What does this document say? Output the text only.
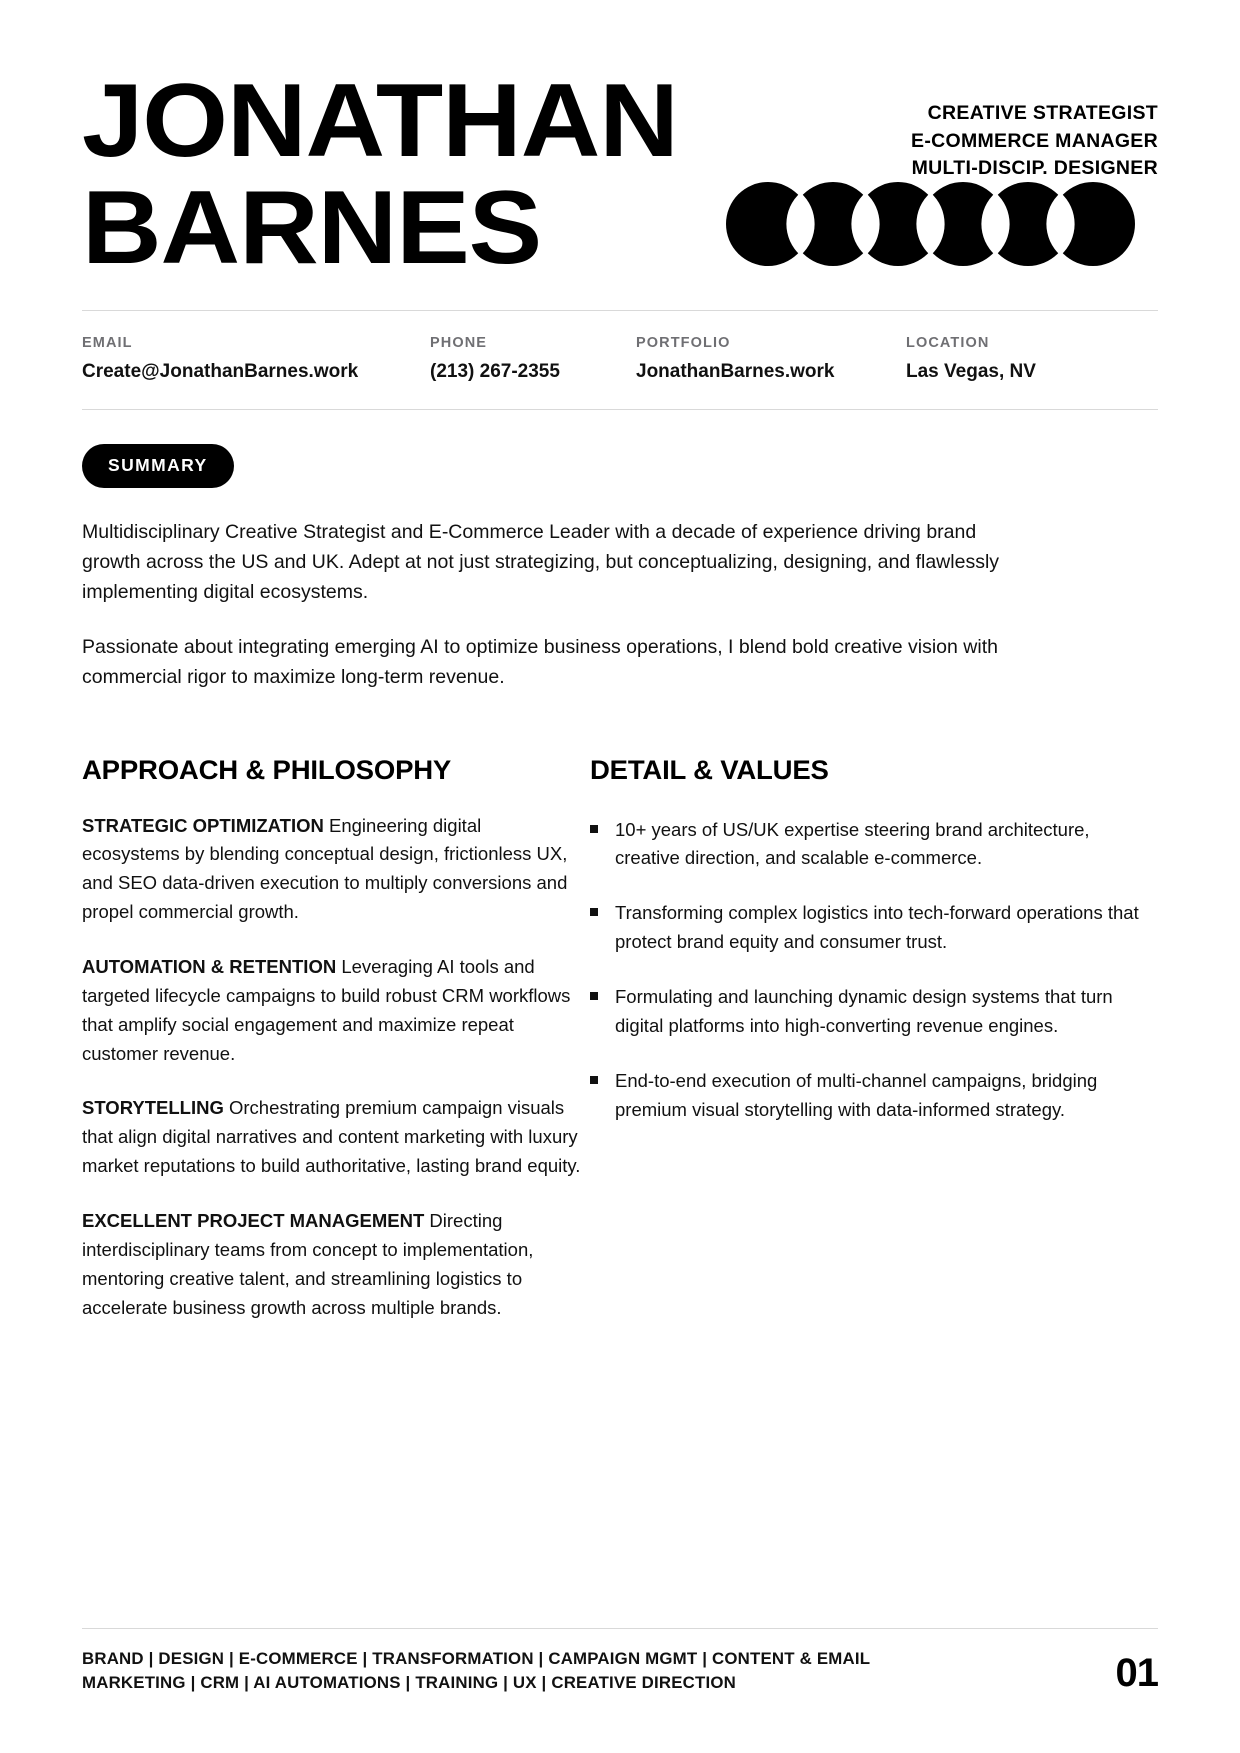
JONATHAN	CREATIVE STRATEGIST
E-COMMERCE MANAGER
MULTI-DISCIP. DESIGNER
BARNES
EMAIL
Create@JonathanBarnes.work
PHONE
(213) 267-2355
PORTFOLIO
JonathanBarnes.work
LOCATION
Las Vegas, NV
SUMMARY

Multidisciplinary Creative Strategist and E-Commerce Leader with a decade of experience driving brand growth across the US and UK. Adept at not just strategizing, but conceptualizing, designing, and flawlessly implementing digital ecosystems.

Passionate about integrating emerging AI to optimize business operations, I blend bold creative vision with commercial rigor to maximize long-term revenue.

APPROACH & PHILOSOPHY

STRATEGIC OPTIMIZATION Engineering digital ecosystems by blending conceptual design, frictionless UX, and SEO data-driven execution to multiply conversions and propel commercial growth.

AUTOMATION & RETENTION Leveraging AI tools and targeted lifecycle campaigns to build robust CRM workflows that amplify social engagement and maximize repeat customer revenue.

STORYTELLING Orchestrating premium campaign visuals that align digital narratives and content marketing with luxury market reputations to build authoritative, lasting brand equity.

EXCELLENT PROJECT MANAGEMENT Directing interdisciplinary teams from concept to implementation, mentoring creative talent, and streamlining logistics to accelerate business growth across multiple brands.

DETAIL & VALUES
10+ years of US/UK expertise steering brand architecture, creative direction, and scalable e-commerce.
Transforming complex logistics into tech-forward operations that protect brand equity and consumer trust.
Formulating and launching dynamic design systems that turn digital platforms into high-converting revenue engines.
End-to-end execution of multi-channel campaigns, bridging premium visual storytelling with data-informed strategy.
BRAND | DESIGN | E-COMMERCE | TRANSFORMATION | CAMPAIGN MGMT | CONTENT & EMAIL MARKETING | CRM | AI AUTOMATIONS | TRAINING | UX | CREATIVE DIRECTION	01
